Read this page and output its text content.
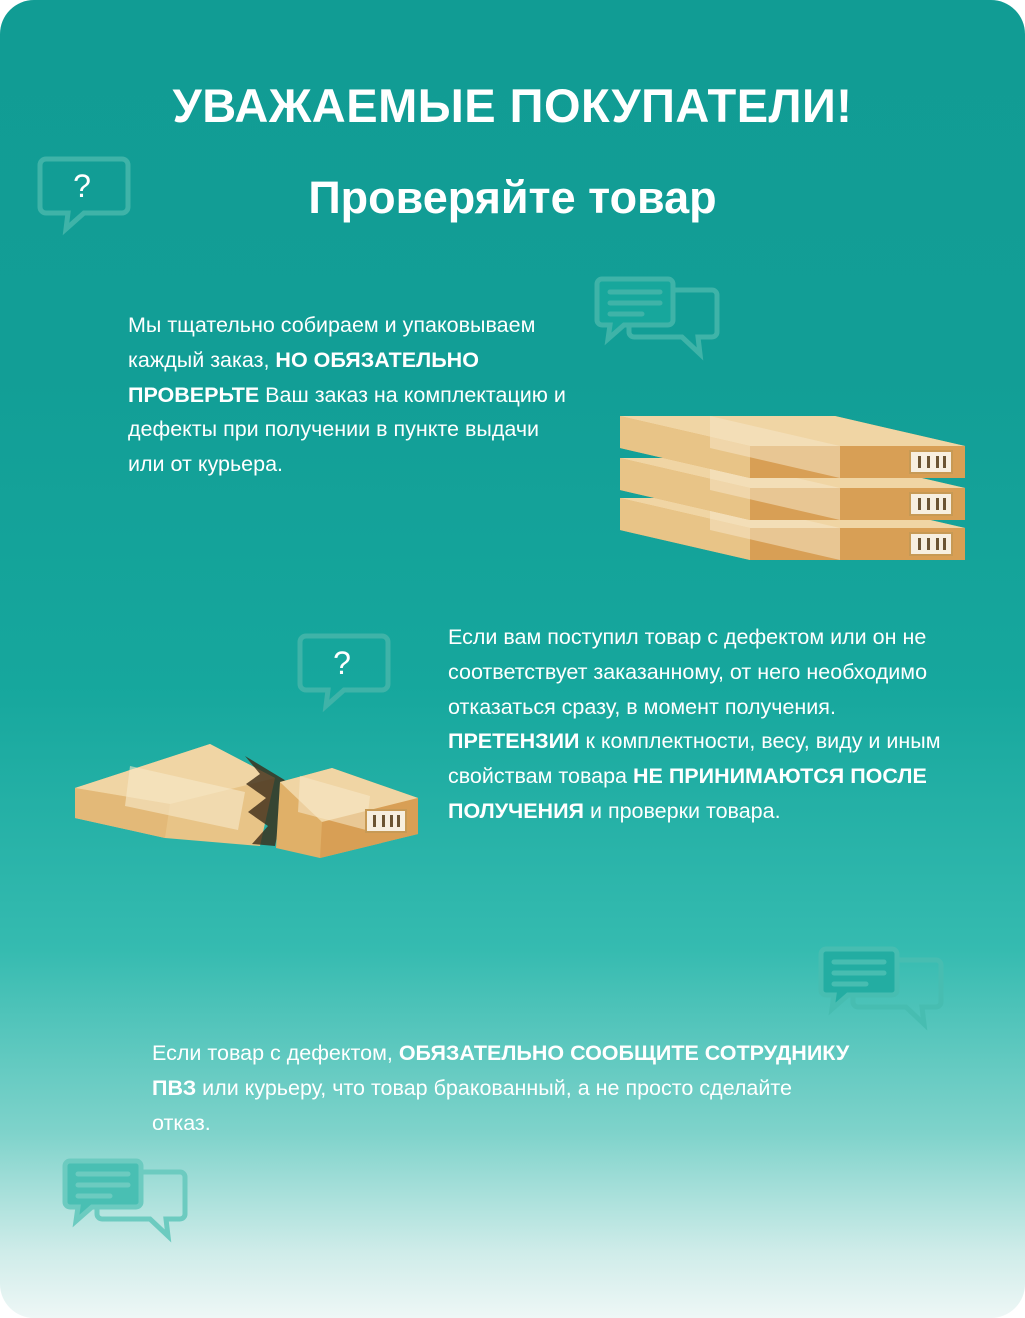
УВАЖАЕМЫЕ ПОКУПАТЕЛИ!
Проверяйте товар
?
?
Мы тщательно собираем и упаковываем каждый заказ, НО ОБЯЗАТЕЛЬНО ПРОВЕРЬТЕ Ваш заказ на комплектацию и дефекты при получении в пункте выдачи или от курьера.
Если вам поступил товар с дефектом или он не соответствует заказанному, от него необходимо отказаться сразу, в момент получения.
ПРЕТЕНЗИИ к комплектности, весу, виду и иным свойствам товара НЕ ПРИНИМАЮТСЯ ПОСЛЕ ПОЛУЧЕНИЯ и проверки товара.
Если товар с дефектом, ОБЯЗАТЕЛЬНО СООБЩИТЕ СОТРУДНИКУ ПВЗ или курьеру, что товар бракованный, а не просто сделайте отказ.
